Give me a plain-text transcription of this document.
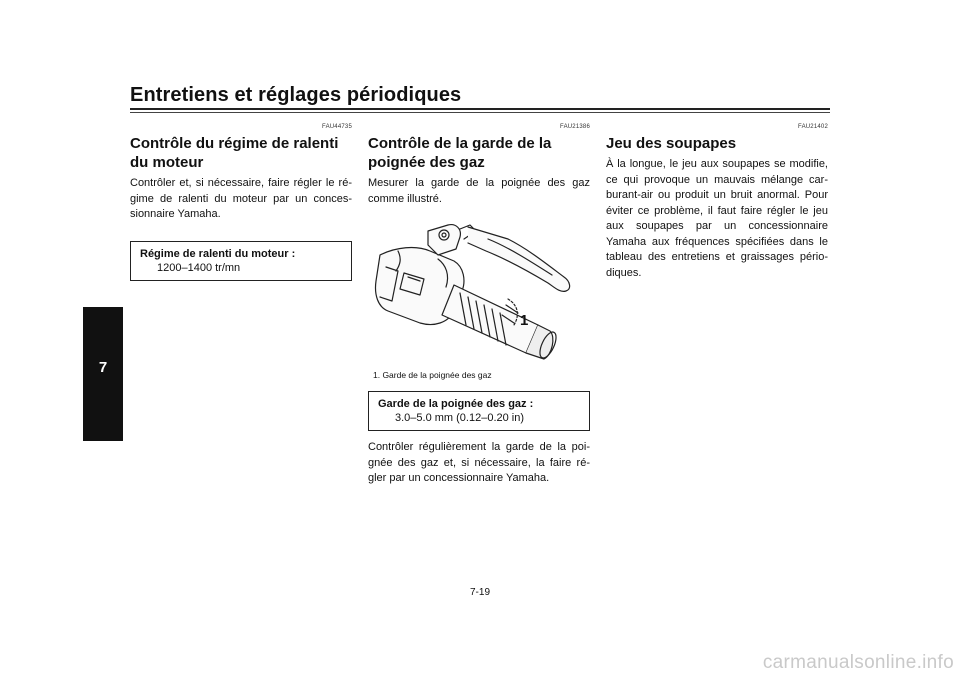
Entretiens et réglages périodiques
7
FAU44735
Contrôle du régime de ralenti du moteur

Contrôler et, si nécessaire, faire régler le ré-gime de ralenti du moteur par un conces-sionnaire Yamaha.

Régime de ralenti du moteur :
1200–1400 tr/mn
FAU21386
Contrôle de la garde de la poignée des gaz

Mesurer la garde de la poignée des gaz comme illustré.

1
1. Garde de la poignée des gaz
Garde de la poignée des gaz :
3.0–5.0 mm (0.12–0.20 in)

Contrôler régulièrement la garde de la poi-gnée des gaz et, si nécessaire, la faire ré-gler par un concessionnaire Yamaha.

FAU21402
Jeu des soupapes

À la longue, le jeu aux soupapes se modifie, ce qui provoque un mauvais mélange car-burant-air ou produit un bruit anormal. Pour éviter ce problème, il faut faire régler le jeu aux soupapes par un concessionnaire Yamaha aux fréquences spécifiées dans le tableau des entretiens et graissages pério-diques.

7-19
carmanualsonline.info
